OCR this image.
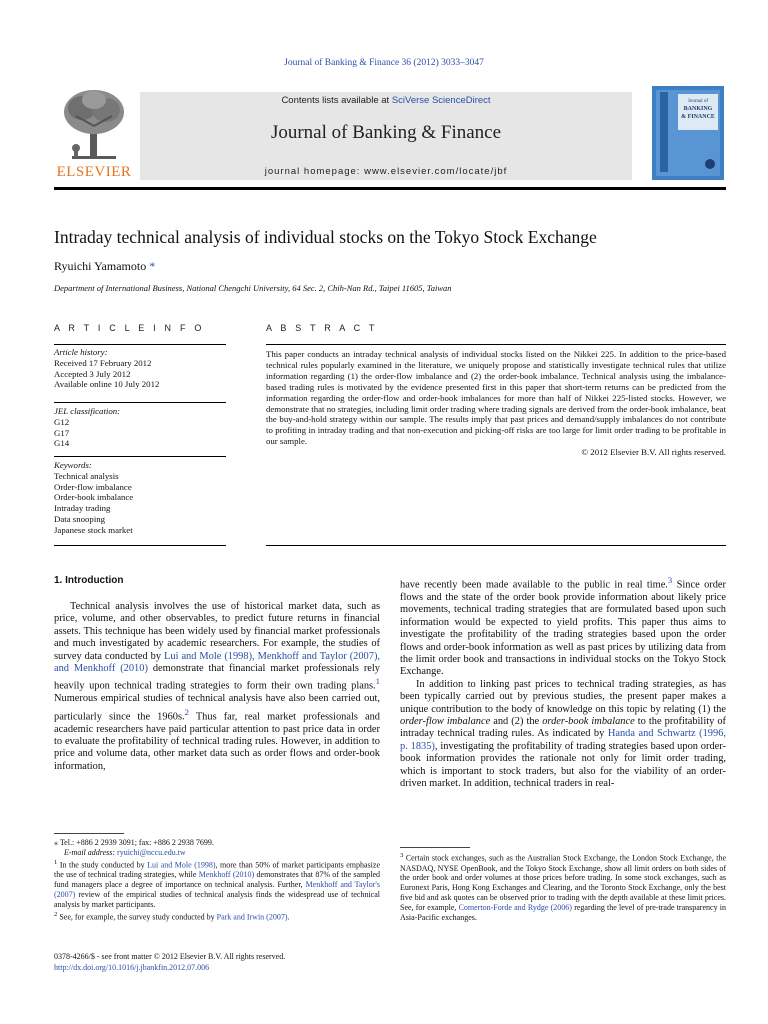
Journal of Banking & Finance 36 (2012) 3033–3047
ELSEVIER
Contents lists available at SciVerse ScienceDirect
Journal of Banking & Finance
journal homepage: www.elsevier.com/locate/jbf
Journal of
BANKING
& FINANCE
Intraday technical analysis of individual stocks on the Tokyo Stock Exchange
Ryuichi Yamamoto *
Department of International Business, National Chengchi University, 64 Sec. 2, Chih-Nan Rd., Taipei 11605, Taiwan
A R T I C L E I N F O	A B S T R A C T
Article history:
Received 17 February 2012
Accepted 3 July 2012
Available online 10 July 2012
JEL classification:
G12
G17
G14
Keywords:
Technical analysis
Order-flow imbalance
Order-book imbalance
Intraday trading
Data snooping
Japanese stock market
This paper conducts an intraday technical analysis of individual stocks listed on the Nikkei 225. In addition to the price-based technical rules popularly examined in the literature, we uniquely propose and statistically investigate technical rules that utilize information regarding (1) the order-flow imbalance and (2) the order-book imbalance. Technical analysis using the imbalance-based trading rules is motivated by the evidence presented first in this paper that short-term returns can be predicted from the information regarding the order-flow and order-book imbalances for more than half of Nikkei 225-listed stocks. However, we demonstrate that no strategies, including limit order trading where trading signals are derived from the order-book imbalance, beat the buy-and-hold strategy within our sample. The results imply that past prices and demand/supply imbalances do not contribute to profiting in intraday trading and that non-execution and picking-off risks are too large for limit order trading to be profitable in our sample.
© 2012 Elsevier B.V. All rights reserved.
1. Introduction

Technical analysis involves the use of historical market data, such as price, volume, and other observables, to predict future returns in financial assets. This technique has been widely used by financial market professionals and much investigated by academic researchers. For example, the studies of survey data conducted by Lui and Mole (1998), Menkhoff and Taylor (2007), and Menkhoff (2010) demonstrate that financial market professionals rely heavily upon technical trading strategies to form their own trading plans.$^1$ Numerous empirical studies of technical analysis have also been carried out, particularly since the 1960s.$^2$ Thus far, real market professionals and academic researchers have paid particular attention to past price data in order to evaluate the profitability of technical trading rules. However, in addition to price and volume data, other market data such as order flows and order-book information,

have recently been made available to the public in real time.$^3$ Since order flows and the state of the order book provide information about likely price movements, technical trading strategies that are formulated based upon such information would be expected to yield profits. This paper thus aims to investigate the profitability of the trading strategies based upon the order flows and order-book information as well as past prices by utilizing data from the limit order book and transactions in individual stocks on the Tokyo Stock Exchange.

In addition to linking past prices to technical trading strategies, as has been typically carried out by previous studies, the present paper makes a unique contribution to the body of knowledge on this topic by relating (1) the order-flow imbalance and (2) the order-book imbalance to the profitability of intraday technical trading rules. As indicated by Handa and Schwartz (1996, p. 1835), investigating the profitability of trading strategies based upon order-book information provides the rationale not only for limit order trading, which is important to stock traders, but also for the viability of an order-driven market. In addition, technical traders in real-

⁎ Tel.: +886 2 2939 3091; fax: +886 2 2938 7699.

E-mail address: ryuichi@nccu.edu.tw

$^1$ In the study conducted by Lui and Mole (1998), more than 50% of market participants emphasize the use of technical trading strategies, while Menkhoff (2010) demonstrates that 87% of the sampled fund managers place a degree of importance on technical analysis. Further, Menkhoff and Taylor's (2007) review of the empirical studies of technical analysis finds the widespread use of technical analysis by market participants.

$^2$ See, for example, the survey study conducted by Park and Irwin (2007).

$^3$ Certain stock exchanges, such as the Australian Stock Exchange, the London Stock Exchange, the NASDAQ, NYSE OpenBook, and the Tokyo Stock Exchange, show all limit orders on both sides of the order book and order volumes at those prices before trading. In some stock exchanges, such as Euronext Paris, Hong Kong Exchanges and Clearing, and the Toronto Stock Exchange, only the best five bid and ask quotes can be observed prior to trading with the depth available at these limit prices. See, for example, Comerton-Forde and Rydge (2006) regarding the level of pre-trade transparency in Asia-Pacific exchanges.

0378-4266/$ - see front matter © 2012 Elsevier B.V. All rights reserved.
http://dx.doi.org/10.1016/j.jbankfin.2012.07.006
